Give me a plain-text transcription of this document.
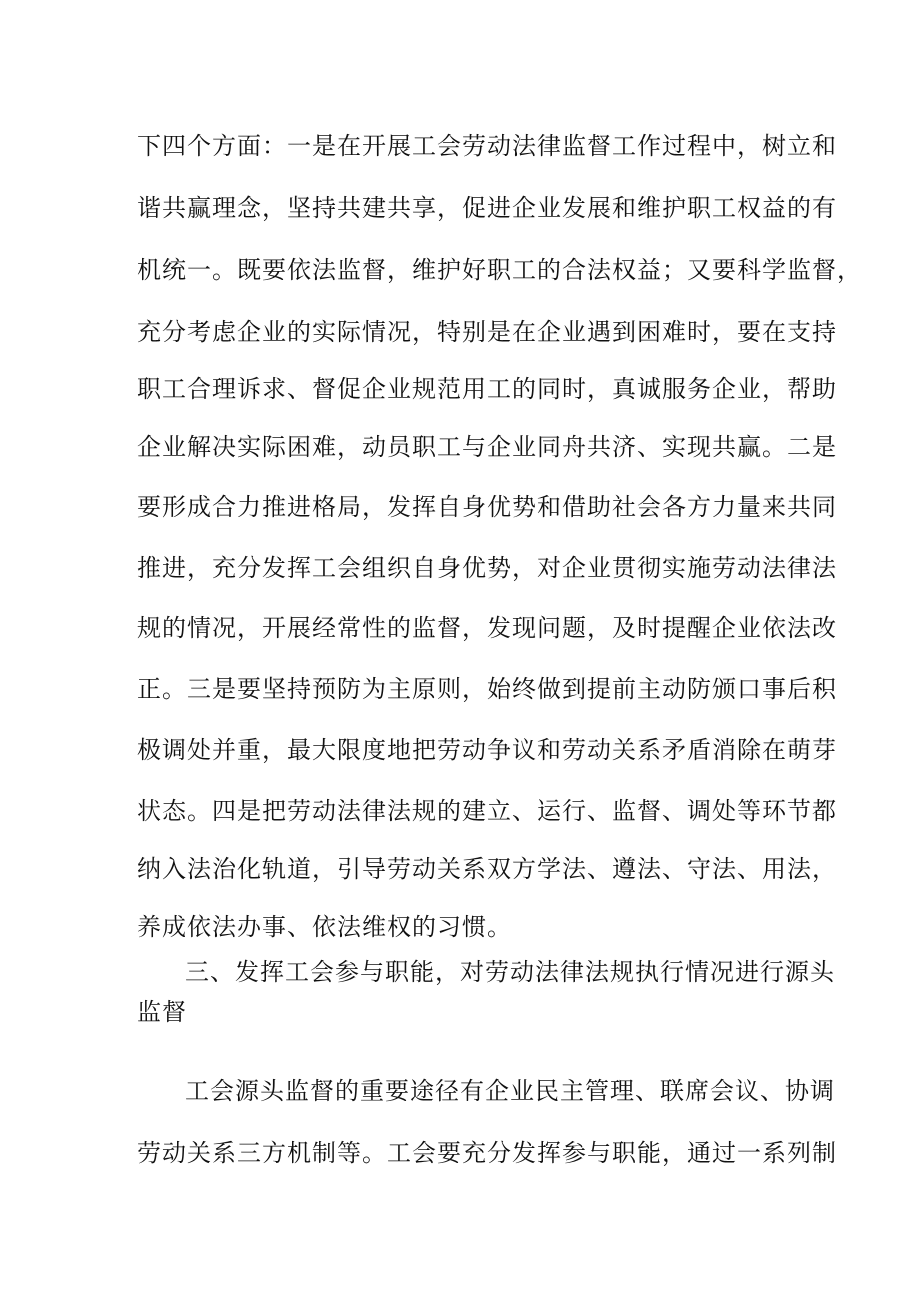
下四个方面：一是在开展工会劳动法律监督工作过程中，树立和
谐共赢理念，坚持共建共享，促进企业发展和维护职工权益的有
机统一。既要依法监督，维护好职工的合法权益；又要科学监督，
充分考虑企业的实际情况，特别是在企业遇到困难时，要在支持
职工合理诉求、督促企业规范用工的同时，真诚服务企业，帮助
企业解决实际困难，动员职工与企业同舟共济、实现共赢。二是
要形成合力推进格局，发挥自身优势和借助社会各方力量来共同
推进，充分发挥工会组织自身优势，对企业贯彻实施劳动法律法
规的情况，开展经常性的监督，发现问题，及时提醒企业依法改
正。三是要坚持预防为主原则，始终做到提前主动防颁口事后积
极调处并重，最大限度地把劳动争议和劳动关系矛盾消除在萌芽
状态。四是把劳动法律法规的建立、运行、监督、调处等环节都
纳入法治化轨道，引导劳动关系双方学法、遵法、守法、用法，
养成依法办事、依法维权的习惯。
三、发挥工会参与职能，对劳动法律法规执行情况进行源头
监督
工会源头监督的重要途径有企业民主管理、联席会议、协调
劳动关系三方机制等。工会要充分发挥参与职能，通过一系列制
